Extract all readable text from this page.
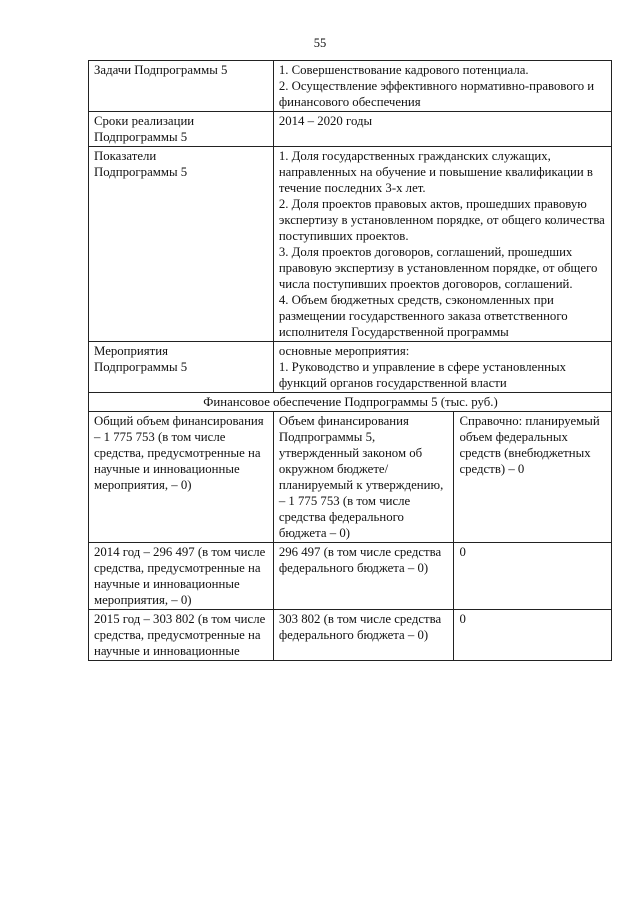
55
Задачи Подпрограммы 5	1. Совершенствование кадрового потенциала.
2. Осуществление эффективного нормативно-правового и финансового обеспечения	
Сроки реализации
Подпрограммы 5	2014 – 2020 годы	
Показатели
Подпрограммы 5	1. Доля государственных гражданских служащих, направленных на обучение и повышение квалификации в течение последних 3-х лет.
2. Доля проектов правовых актов, прошедших правовую экспертизу в установленном порядке, от общего количества поступивших проектов.
3. Доля проектов договоров, соглашений, прошедших правовую экспертизу в установленном порядке, от общего числа поступивших проектов договоров, соглашений.
4. Объем бюджетных средств, сэкономленных при размещении государственного заказа ответственного исполнителя Государственной программы	
Мероприятия
Подпрограммы 5	основные мероприятия:
1. Руководство и управление в сфере установленных функций органов государственной власти	
Финансовое обеспечение Подпрограммы 5 (тыс. руб.)		
Общий объем финансирования – 1 775 753 (в том числе средства, предусмотренные на научные и инновационные мероприятия, – 0)	Объем финансирования Подпрограммы 5, утвержденный законом об окружном бюджете/ планируемый к утверждению, – 1 775 753 (в том числе средства федерального бюджета – 0)	Справочно: планируемый объем федеральных средств (внебюджетных средств) – 0
2014 год – 296 497 (в том числе средства, предусмотренные на научные и инновационные мероприятия, – 0)	296 497 (в том числе средства федерального бюджета – 0)	0
2015 год – 303 802 (в том числе средства, предусмотренные на научные и инновационные	303 802 (в том числе средства федерального бюджета – 0)	0
